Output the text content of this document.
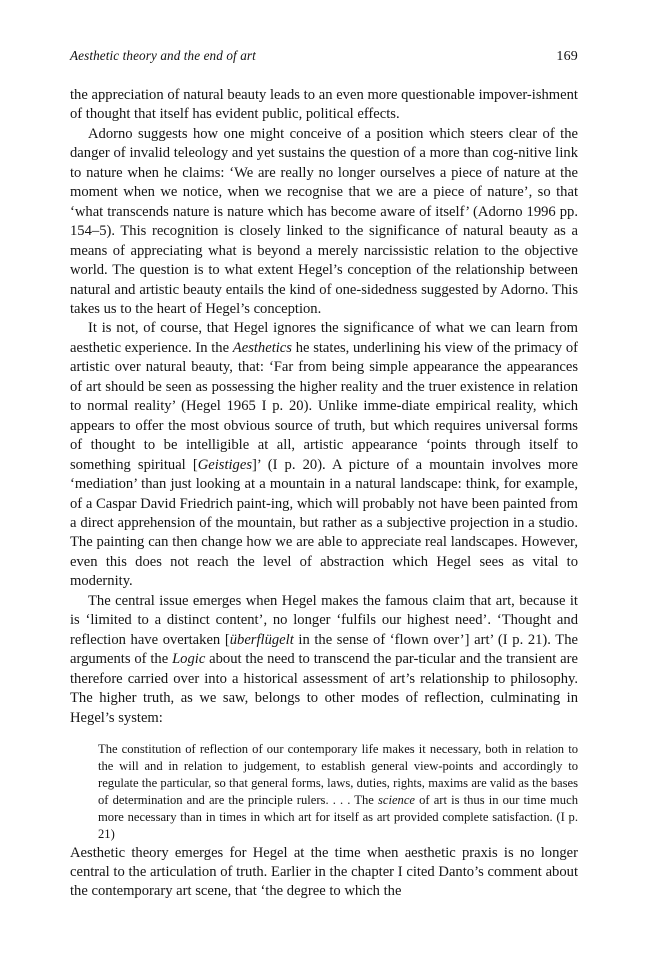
Aesthetic theory and the end of art	169

the appreciation of natural beauty leads to an even more questionable impover-ishment of thought that itself has evident public, political effects.

Adorno suggests how one might conceive of a position which steers clear of the danger of invalid teleology and yet sustains the question of a more than cog-nitive link to nature when he claims: ‘We are really no longer ourselves a piece of nature at the moment when we notice, when we recognise that we are a piece of nature’, so that ‘what transcends nature is nature which has become aware of itself’ (Adorno 1996 pp. 154–5). This recognition is closely linked to the significance of natural beauty as a means of appreciating what is beyond a merely narcissistic relation to the objective world. The question is to what extent Hegel’s conception of the relationship between natural and artistic beauty entails the kind of one-sidedness suggested by Adorno. This takes us to the heart of Hegel’s conception.

It is not, of course, that Hegel ignores the significance of what we can learn from aesthetic experience. In the Aesthetics he states, underlining his view of the primacy of artistic over natural beauty, that: ‘Far from being simple appearance the appearances of art should be seen as possessing the higher reality and the truer existence in relation to normal reality’ (Hegel 1965 I p. 20). Unlike imme-diate empirical reality, which appears to offer the most obvious source of truth, but which requires universal forms of thought to be intelligible at all, artistic appearance ‘points through itself to something spiritual [Geistiges]’ (I p. 20). A picture of a mountain involves more ‘mediation’ than just looking at a mountain in a natural landscape: think, for example, of a Caspar David Friedrich paint-ing, which will probably not have been painted from a direct apprehension of the mountain, but rather as a subjective projection in a studio. The painting can then change how we are able to appreciate real landscapes. However, even this does not reach the level of abstraction which Hegel sees as vital to modernity.

The central issue emerges when Hegel makes the famous claim that art, because it is ‘limited to a distinct content’, no longer ‘fulfils our highest need’. ‘Thought and reflection have overtaken [überflügelt in the sense of ‘flown over’] art’ (I p. 21). The arguments of the Logic about the need to transcend the par-ticular and the transient are therefore carried over into a historical assessment of art’s relationship to philosophy. The higher truth, as we saw, belongs to other modes of reflection, culminating in Hegel’s system:

The constitution of reflection of our contemporary life makes it necessary, both in relation to the will and in relation to judgement, to establish general view-points and accordingly to regulate the particular, so that general forms, laws, duties, rights, maxims are valid as the bases of determination and are the principle rulers. . . . The science of art is thus in our time much more necessary than in times in which art for itself as art provided complete satisfaction. (I p. 21)

Aesthetic theory emerges for Hegel at the time when aesthetic praxis is no longer central to the articulation of truth. Earlier in the chapter I cited Danto’s comment about the contemporary art scene, that ‘the degree to which the
